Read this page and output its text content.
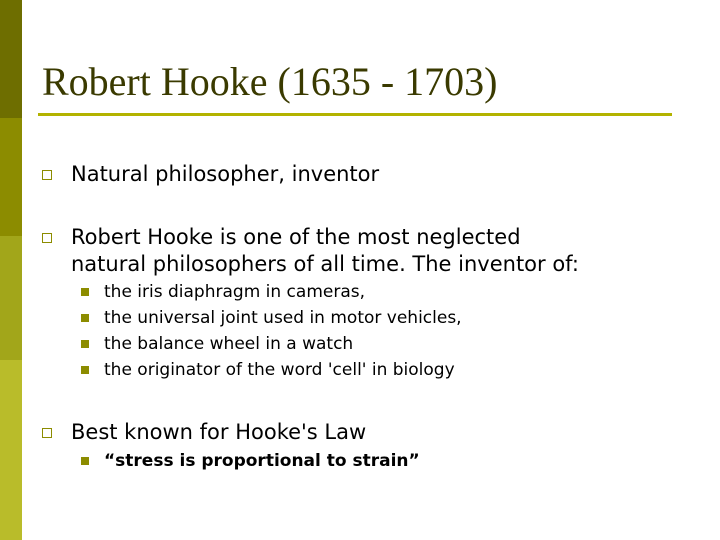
Robert Hooke (1635 - 1703)

Natural philosopher, inventor

Robert Hooke is one of the most neglected

natural philosophers of all time. The inventor of:

the iris diaphragm in cameras,

the universal joint used in motor vehicles,

the balance wheel in a watch

the originator of the word 'cell' in biology

Best known for Hooke's Law

“stress is proportional to strain”
